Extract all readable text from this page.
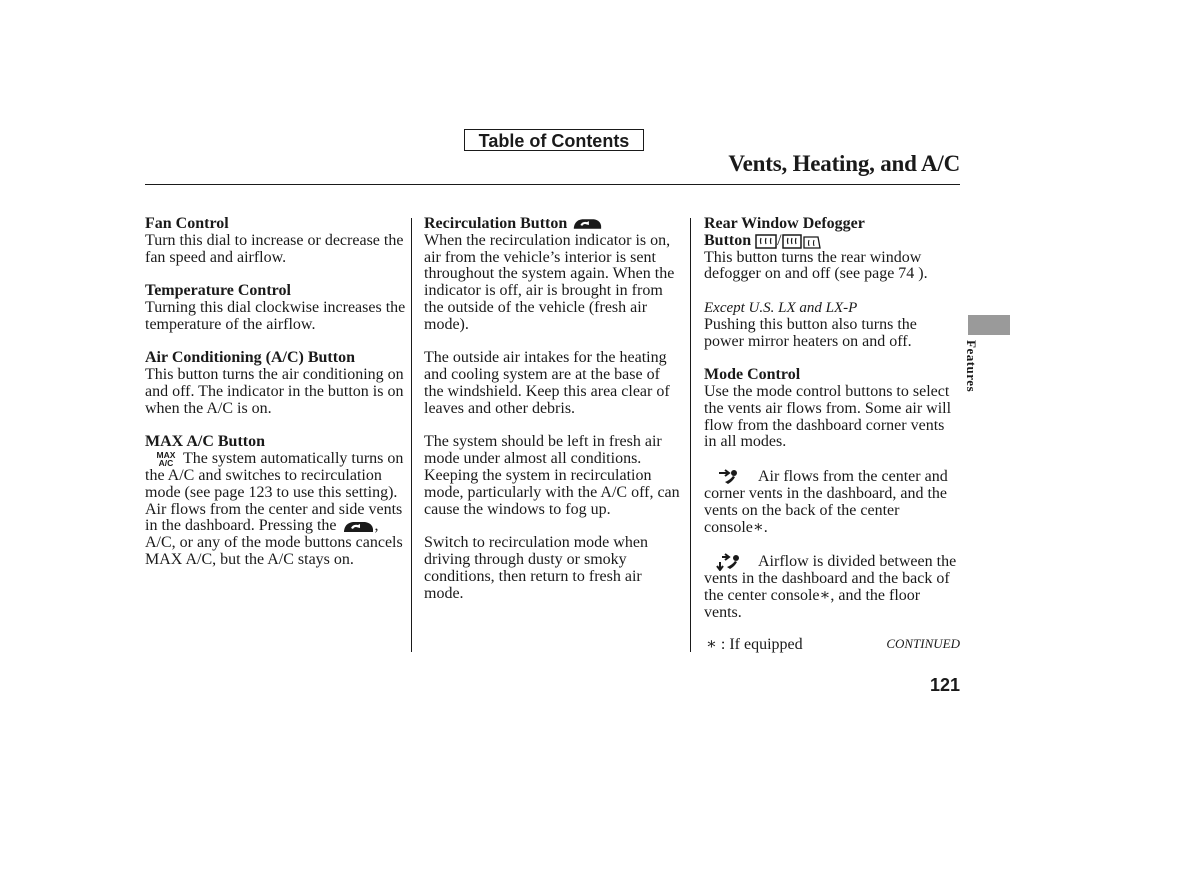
Table of Contents
Vents, Heating, and A/C
Features

Fan Control

Turn this dial to increase or decrease the fan speed and airflow.

Temperature Control

Turning this dial clockwise increases the temperature of the airflow.

Air Conditioning (A/C) Button

This button turns the air conditioning on and off. The indicator in the button is on when the A/C is on.

MAX A/C Button

MAX A/C The system automatically turns on the A/C and switches to recirculation mode (see page 123 to use this setting). Air flows from the center and side vents in the dashboard. Pressing the , A/C, or any of the mode buttons cancels MAX A/C, but the A/C stays on.

Recirculation Button

When the recirculation indicator is on, air from the vehicle’s interior is sent throughout the system again. When the indicator is off, air is brought in from the outside of the vehicle (fresh air mode).

The outside air intakes for the heating and cooling system are at the base of the windshield. Keep this area clear of leaves and other debris.

The system should be left in fresh air mode under almost all conditions. Keeping the system in recirculation mode, particularly with the A/C off, can cause the windows to fog up.

Switch to recirculation mode when driving through dusty or smoky conditions, then return to fresh air mode.

Rear Window Defogger

Button /

This button turns the rear window defogger on and off (see page 74 ).

Except U.S. LX and LX-P

Pushing this button also turns the power mirror heaters on and off.

Mode Control

Use the mode control buttons to select the vents air flows from. Some air will flow from the dashboard corner vents in all modes.

Air flows from the center and corner vents in the dashboard, and the vents on the back of the center console∗.

Airflow is divided between the vents in the dashboard and the back of the center console∗, and the floor vents.

∗ : If equipped	CONTINUED
121
